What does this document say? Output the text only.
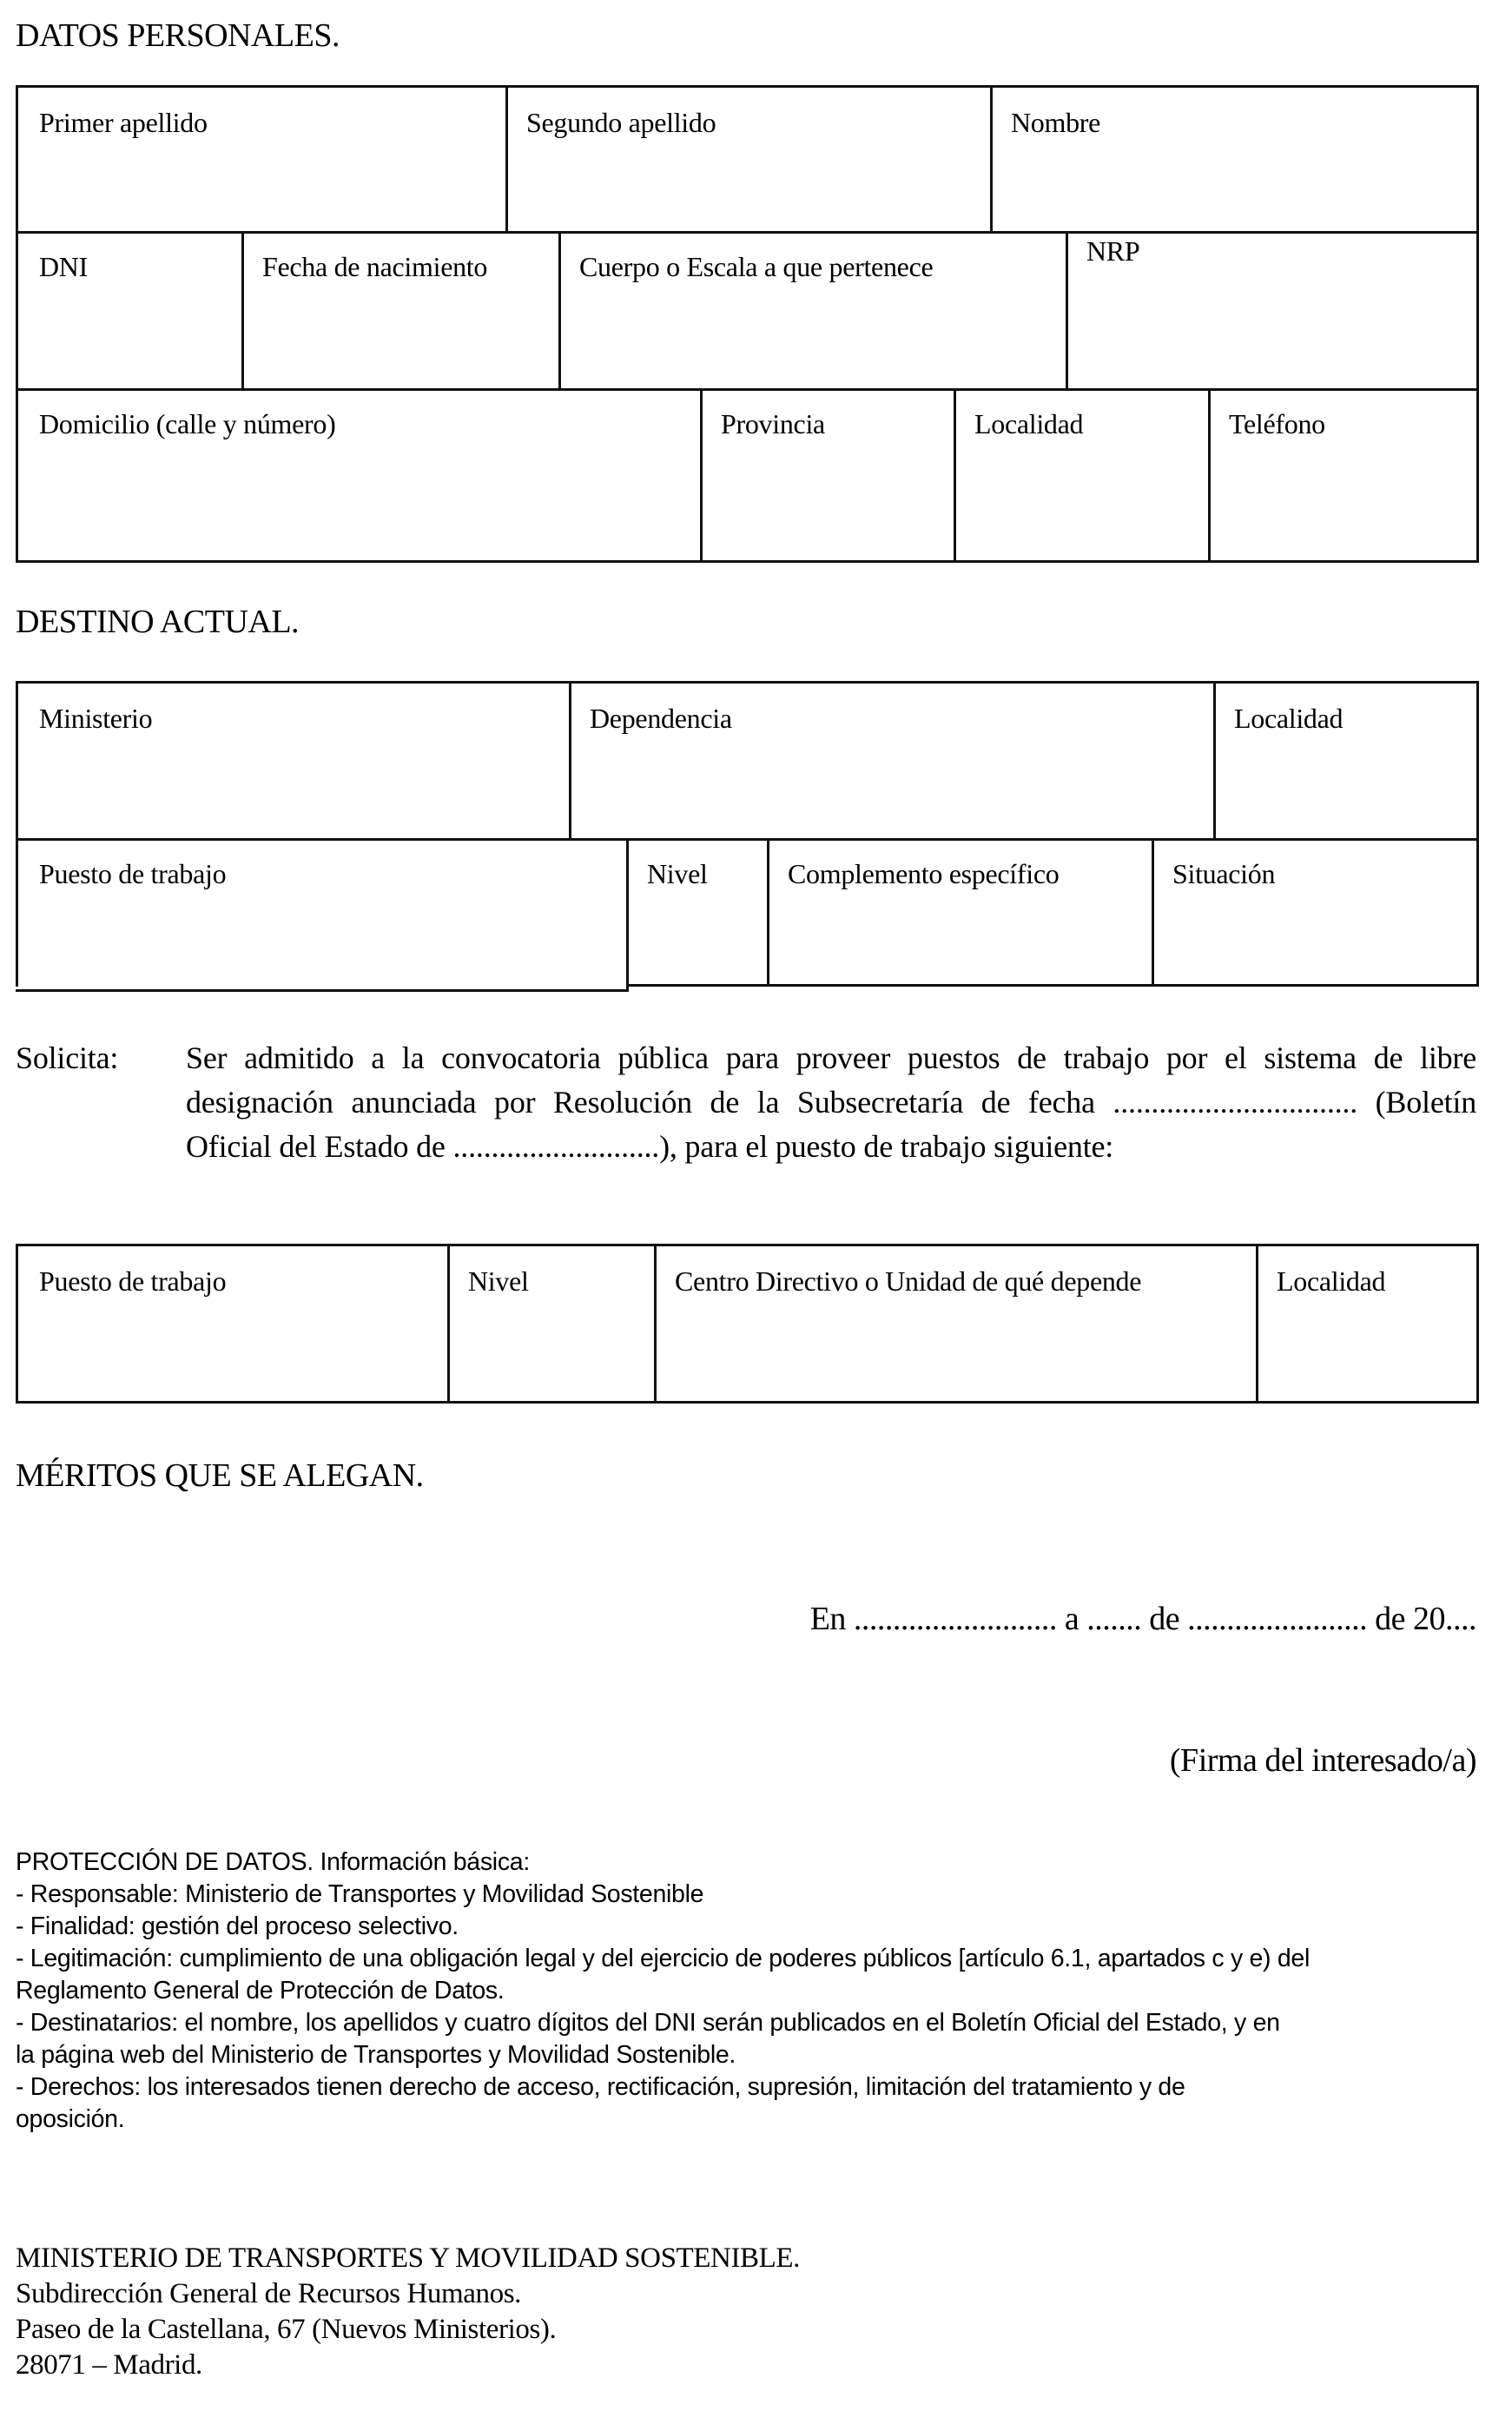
DATOS PERSONALES.
Primer apellido	Segundo apellido	Nombre
DNI	Fecha de nacimiento	Cuerpo o Escala a que pertenece	NRP
Domicilio (calle y número)	Provincia	Localidad	Teléfono
DESTINO ACTUAL.
Ministerio	Dependencia	Localidad
Puesto de trabajo	Nivel	Complemento específico	Situación
Solicita: Ser admitido a la convocatoria pública para proveer puestos de trabajo por el sistema de libre
designación anunciada por Resolución de la Subsecretaría de fecha ................................ (Boletín
Oficial del Estado de ...........................), para el puesto de trabajo siguiente:
Puesto de trabajo	Nivel	Centro Directivo o Unidad de qué depende	Localidad
MÉRITOS QUE SE ALEGAN.
En .......................... a ....... de ....................... de 20....
(Firma del interesado/a)
PROTECCIÓN DE DATOS. Información básica:
- Responsable: Ministerio de Transportes y Movilidad Sostenible
- Finalidad: gestión del proceso selectivo.
- Legitimación: cumplimiento de una obligación legal y del ejercicio de poderes públicos [artículo 6.1, apartados c y e) del
Reglamento General de Protección de Datos.
- Destinatarios: el nombre, los apellidos y cuatro dígitos del DNI serán publicados en el Boletín Oficial del Estado, y en
la página web del Ministerio de Transportes y Movilidad Sostenible.
- Derechos: los interesados tienen derecho de acceso, rectificación, supresión, limitación del tratamiento y de
oposición.
MINISTERIO DE TRANSPORTES Y MOVILIDAD SOSTENIBLE.
Subdirección General de Recursos Humanos.
Paseo de la Castellana, 67 (Nuevos Ministerios).
28071 – Madrid.
